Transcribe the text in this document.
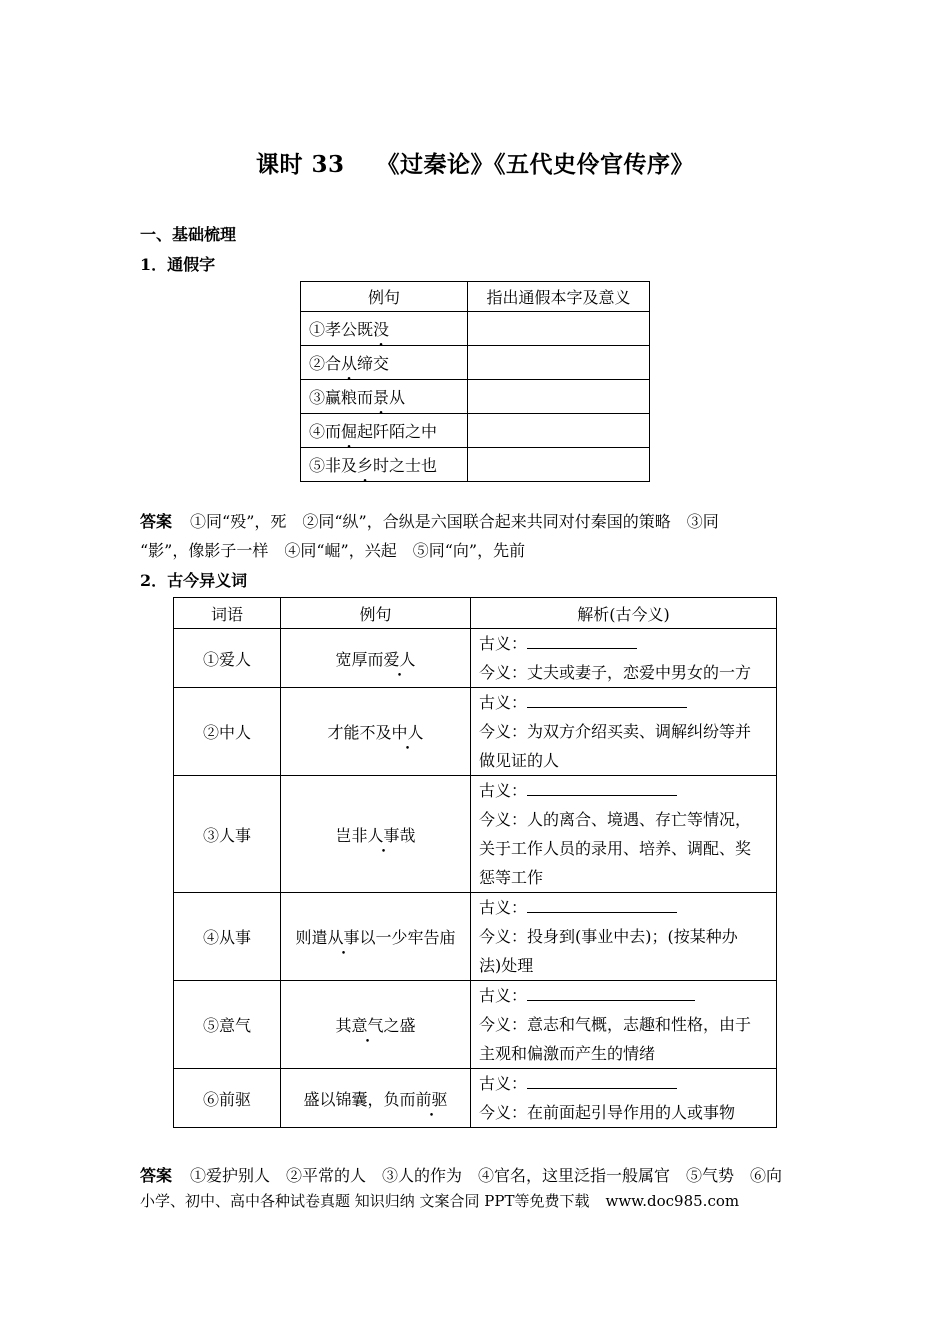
课时 33 《过秦论》《五代史伶官传序》
一、基础梳理
1．通假字
例句	指出通假本字及意义
①孝公既没	
②合从缔交	
③赢粮而景从	
④而倔起阡陌之中	
⑤非及乡时之士也	
答案 ①同“殁”，死　②同“纵”，合纵是六国联合起来共同对付秦国的策略　③同
“影”，像影子一样　④同“崛”，兴起　⑤同“向”，先前
2．古今异义词
词语	例句	解析(古今义)
①爱人	宽厚而爱人	古义：
今义：丈夫或妻子，恋爱中男女的一方

②中人	才能不及中人	古义：
今义：为双方介绍买卖、调解纠纷等并
做见证的人

③人事	岂非人事哉	古义：
今义：人的离合、境遇、存亡等情况，
关于工作人员的录用、培养、调配、奖
惩等工作

④从事	则遣从事以一少牢告庙	古义：
今义：投身到(事业中去)；(按某种办
法)处理

⑤意气	其意气之盛	古义：
今义：意志和气概，志趣和性格，由于
主观和偏激而产生的情绪

⑥前驱	盛以锦囊，负而前驱	古义：
今义：在前面起引导作用的人或事物
答案 ①爱护别人　②平常的人　③人的作为　④官名，这里泛指一般属官　⑤气势　⑥向
小学、初中、高中各种试卷真题 知识归纳 文案合同 PPT等免费下载 www.doc985.com
